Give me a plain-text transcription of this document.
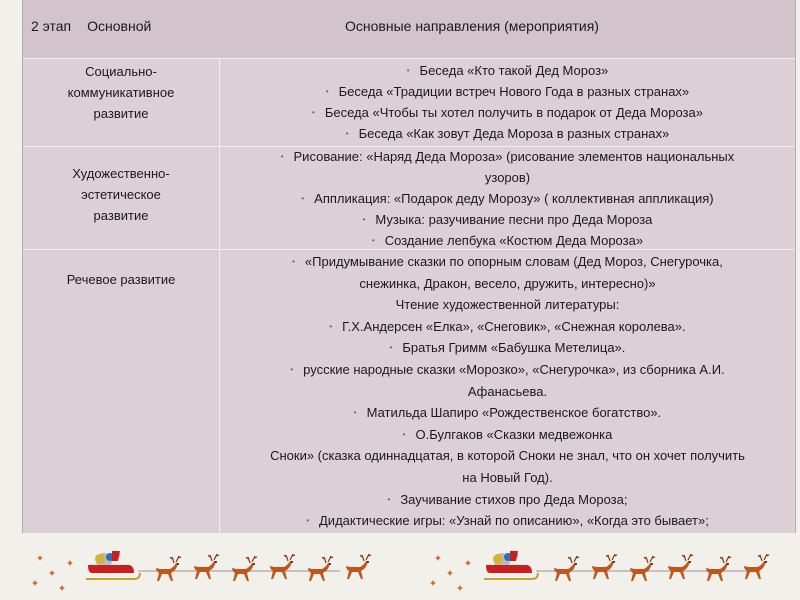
2 этап Основной	Основные направления (мероприятия)
Социально-
коммуникативное
развитие
• Беседа «Кто такой Дед Мороз»
• Беседа «Традиции встреч Нового Года в разных странах»
• Беседа «Чтобы ты хотел получить в подарок от Деда Мороза»
• Беседа «Как зовут Деда Мороза в разных странах»
Художественно-
эстетическое
развитие
• Рисование: «Наряд Деда Мороза» (рисование элементов национальных
узоров)
• Аппликация: «Подарок деду Морозу» ( коллективная аппликация)
• Музыка: разучивание песни про Деда Мороза
• Создание лепбука «Костюм Деда Мороза»
Речевое развитие
• «Придумывание сказки по опорным словам (Дед Мороз, Снегурочка,
снежинка, Дракон, весело, дружить, интересно)»
Чтение художественной литературы:
• Г.Х.Андерсен «Елка», «Снеговик», «Снежная королева».
• Братья Гримм «Бабушка Метелица».
• русские народные сказки «Морозко», «Снегурочка», из сборника А.И.
Афанасьева.
• Матильда Шапиро «Рождественское богатство».
• О.Булгаков «Сказки медвежонка
Сноки» (сказка одиннадцатая, в которой Сноки не знал, что он хочет получить
на Новый Год).
• Заучивание стихов про Деда Мороза;
• Дидактические игры: «Узнай по описанию», «Когда это бывает»;
